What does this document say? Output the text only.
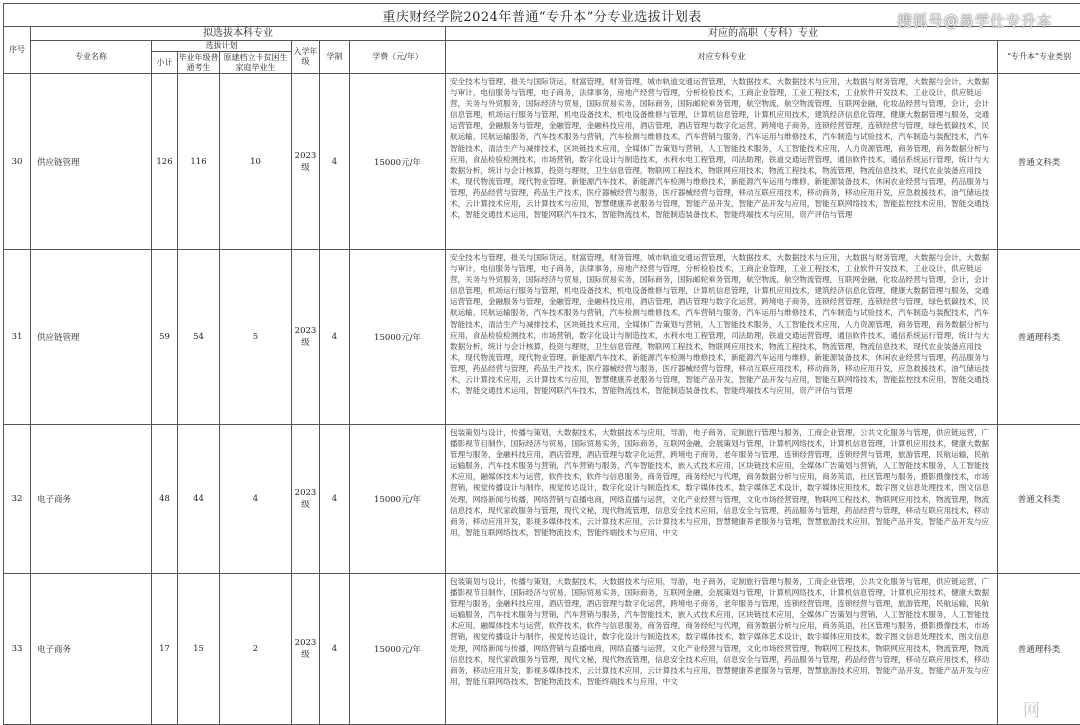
重庆财经学院2024年普通“专升本”分专业选拔计划表									
序号	拟选拔本科专业							对应的高职（专科）专业	
	专业名称	选拔计划			入学年级	学制	学费（元/年）	对应专科专业	“专升本”专业类别
		小计	毕业年级普通考生	原建档立卡贫困生家庭毕业生					
30	供应链管理	126	116	10	2023级	4	15000元/年	安全技术与管理，报关与国际货运，财富管理，财务管理，城市轨道交通运营管理，大数据技术，大数据技术与应用，大数据与财务管理，大数据与会计，大数据与审计，电信服务与管理，电子商务，法律事务，房地产经营与管理，分析检验技术，工商企业管理，工业工程技术，工业软件开发技术，工业设计，供应链运营，关务与外贸服务，国际经济与贸易，国际贸易实务，国际商务，国际邮轮乘务管理，航空物流，航空物流管理，互联网金融，化妆品经营与管理，会计，会计信息管理，机场运行服务与管理，机电设备技术，机电设备维修与管理，计算机信息管理，计算机应用技术，建筑经济信息化管理，健康大数据管理与服务，交通运营管理，金融服务与管理，金融管理，金融科技应用，酒店管理，酒店管理与数字化运营，跨境电子商务，连锁经营管理，连锁经营与管理，绿色低碳技术，民航运输，民航运输服务，汽车技术服务与营销，汽车检测与维修技术，汽车营销与服务，汽车运用与维修技术，汽车制造与试验技术，汽车制造与装配技术，汽车智能技术，清洁生产与减排技术，区块链技术应用，全媒体广告策划与营销，人工智能技术服务，人工智能技术应用，人力资源管理，商务管理，商务数据分析与应用，食品检验检测技术，市场营销，数字化设计与制造技术，水利水电工程管理，司法助理，铁道交通运营管理，通信软件技术，通信系统运行管理，统计与大数据分析，统计与会计核算，投资与理财，卫生信息管理，物联网工程技术，物联网应用技术，物流工程技术，物流管理，物流信息技术，现代农业装备应用技术，现代物流管理，现代物业管理，新能源汽车技术，新能源汽车检测与维修技术，新能源汽车运用与维修，新能源装备技术，休闲农业经营与管理，药品服务与管理，药品经营与管理，药品生产技术，医疗器械经营与服务，医疗器械经营与管理，移动互联应用技术，移动商务，移动应用开发，应急救援技术，油气储运技术，云计算技术应用，云计算技术与应用，智慧健康养老服务与管理，智能产品开发，智能产品开发与应用，智能互联网络技术，智能监控技术应用，智能交通技术，智能交通技术运用，智能网联汽车技术，智能物流技术，智能制造装备技术，智能终端技术与应用，资产评估与管理	普通文科类
31	供应链管理	59	54	5	2023级	4	15000元/年	安全技术与管理，报关与国际货运，财富管理，财务管理，城市轨道交通运营管理，大数据技术，大数据技术与应用，大数据与财务管理，大数据与会计，大数据与审计，电信服务与管理，电子商务，法律事务，房地产经营与管理，分析检验技术，工商企业管理，工业工程技术，工业软件开发技术，工业设计，供应链运营，关务与外贸服务，国际经济与贸易，国际贸易实务，国际商务，国际邮轮乘务管理，航空物流，航空物流管理，互联网金融，化妆品经营与管理，会计，会计信息管理，机场运行服务与管理，机电设备技术，机电设备维修与管理，计算机信息管理，计算机应用技术，建筑经济信息化管理，健康大数据管理与服务，交通运营管理，金融服务与管理，金融管理，金融科技应用，酒店管理，酒店管理与数字化运营，跨境电子商务，连锁经营管理，连锁经营与管理，绿色低碳技术，民航运输，民航运输服务，汽车技术服务与营销，汽车检测与维修技术，汽车营销与服务，汽车运用与维修技术，汽车制造与试验技术，汽车制造与装配技术，汽车智能技术，清洁生产与减排技术，区块链技术应用，全媒体广告策划与营销，人工智能技术服务，人工智能技术应用，人力资源管理，商务管理，商务数据分析与应用，食品检验检测技术，市场营销，数字化设计与制造技术，水利水电工程管理，司法助理，铁道交通运营管理，通信软件技术，通信系统运行管理，统计与大数据分析，统计与会计核算，投资与理财，卫生信息管理，物联网工程技术，物联网应用技术，物流工程技术，物流管理，物流信息技术，现代农业装备应用技术，现代物流管理，现代物业管理，新能源汽车技术，新能源汽车检测与维修技术，新能源汽车运用与维修，新能源装备技术，休闲农业经营与管理，药品服务与管理，药品经营与管理，药品生产技术，医疗器械经营与服务，医疗器械经营与管理，移动互联应用技术，移动商务，移动应用开发，应急救援技术，油气储运技术，云计算技术应用，云计算技术与应用，智慧健康养老服务与管理，智能产品开发，智能产品开发与应用，智能互联网络技术，智能监控技术应用，智能交通技术，智能交通技术运用，智能网联汽车技术，智能物流技术，智能制造装备技术，智能终端技术与应用，资产评估与管理	普通理科类
32	电子商务	48	44	4	2023级	4	15000元/年	包装策划与设计，传播与策划，大数据技术，大数据技术与应用，导游，电子商务，定制旅行管理与服务，工商企业管理，公共文化服务与管理，供应链运营，广播影视节目制作，国际经济与贸易，国际贸易实务，国际商务，互联网金融，会展策划与管理，计算机网络技术，计算机信息管理，计算机应用技术，健康大数据管理与服务，金融科技应用，酒店管理，酒店管理与数字化运营，跨境电子商务，老年服务与管理，连锁经营管理，连锁经营与管理，旅游管理，民航运输，民航运输服务，汽车技术服务与营销，汽车营销与服务，汽车智能技术，嵌入式技术应用，区块链技术应用，全媒体广告策划与营销，人工智能技术服务，人工智能技术应用，融媒体技术与运营，软件技术，软件与信息服务，商务管理，商务经纪与代理，商务数据分析与应用，商务英语，社区管理与服务，摄影摄像技术，市场营销，视觉传播设计与制作，视觉传达设计，数字化设计与制造技术，数字媒体技术，数字媒体艺术设计，数字媒体应用技术，数字图文信息处理技术，图文信息处理，网络新闻与传播，网络营销与直播电商，网络直播与运营，文化产业经营与管理，文化市场经营管理，物联网工程技术，物联网应用技术，物流管理，物流信息技术，现代家政服务与管理，现代文秘，现代物流管理，信息安全技术应用，信息安全与管理，药品服务与管理，药品经营与管理，移动互联应用技术，移动商务，移动应用开发，影视多媒体技术，云计算技术应用，云计算技术与应用，智慧健康养老服务与管理，智慧旅游技术应用，智能产品开发，智能产品开发与应用，智能互联网络技术，智能物流技术，智能终端技术与应用，中文	普通文科类
33	电子商务	17	15	2	2023级	4	15000元/年	包装策划与设计，传播与策划，大数据技术，大数据技术与应用，导游，电子商务，定制旅行管理与服务，工商企业管理，公共文化服务与管理，供应链运营，广播影视节目制作，国际经济与贸易，国际贸易实务，国际商务，互联网金融，会展策划与管理，计算机网络技术，计算机信息管理，计算机应用技术，健康大数据管理与服务，金融科技应用，酒店管理，酒店管理与数字化运营，跨境电子商务，老年服务与管理，连锁经营管理，连锁经营与管理，旅游管理，民航运输，民航运输服务，汽车技术服务与营销，汽车营销与服务，汽车智能技术，嵌入式技术应用，区块链技术应用，全媒体广告策划与营销，人工智能技术服务，人工智能技术应用，融媒体技术与运营，软件技术，软件与信息服务，商务管理，商务经纪与代理，商务数据分析与应用，商务英语，社区管理与服务，摄影摄像技术，市场营销，视觉传播设计与制作，视觉传达设计，数字化设计与制造技术，数字媒体技术，数字媒体艺术设计，数字媒体应用技术，数字图文信息处理技术，图文信息处理，网络新闻与传播，网络营销与直播电商，网络直播与运营，文化产业经营与管理，文化市场经营管理，物联网工程技术，物联网应用技术，物流管理，物流信息技术，现代家政服务与管理，现代文秘，现代物流管理，信息安全技术应用，信息安全与管理，药品服务与管理，药品经营与管理，移动互联应用技术，移动商务，移动应用开发，影视多媒体技术，云计算技术应用，云计算技术与应用，智慧健康养老服务与管理，智慧旅游技术应用，智能产品开发，智能产品开发与应用，智能互联网络技术，智能物流技术，智能终端技术与应用，中文	普通理科类
搜狐号@易学仕专升本
网
